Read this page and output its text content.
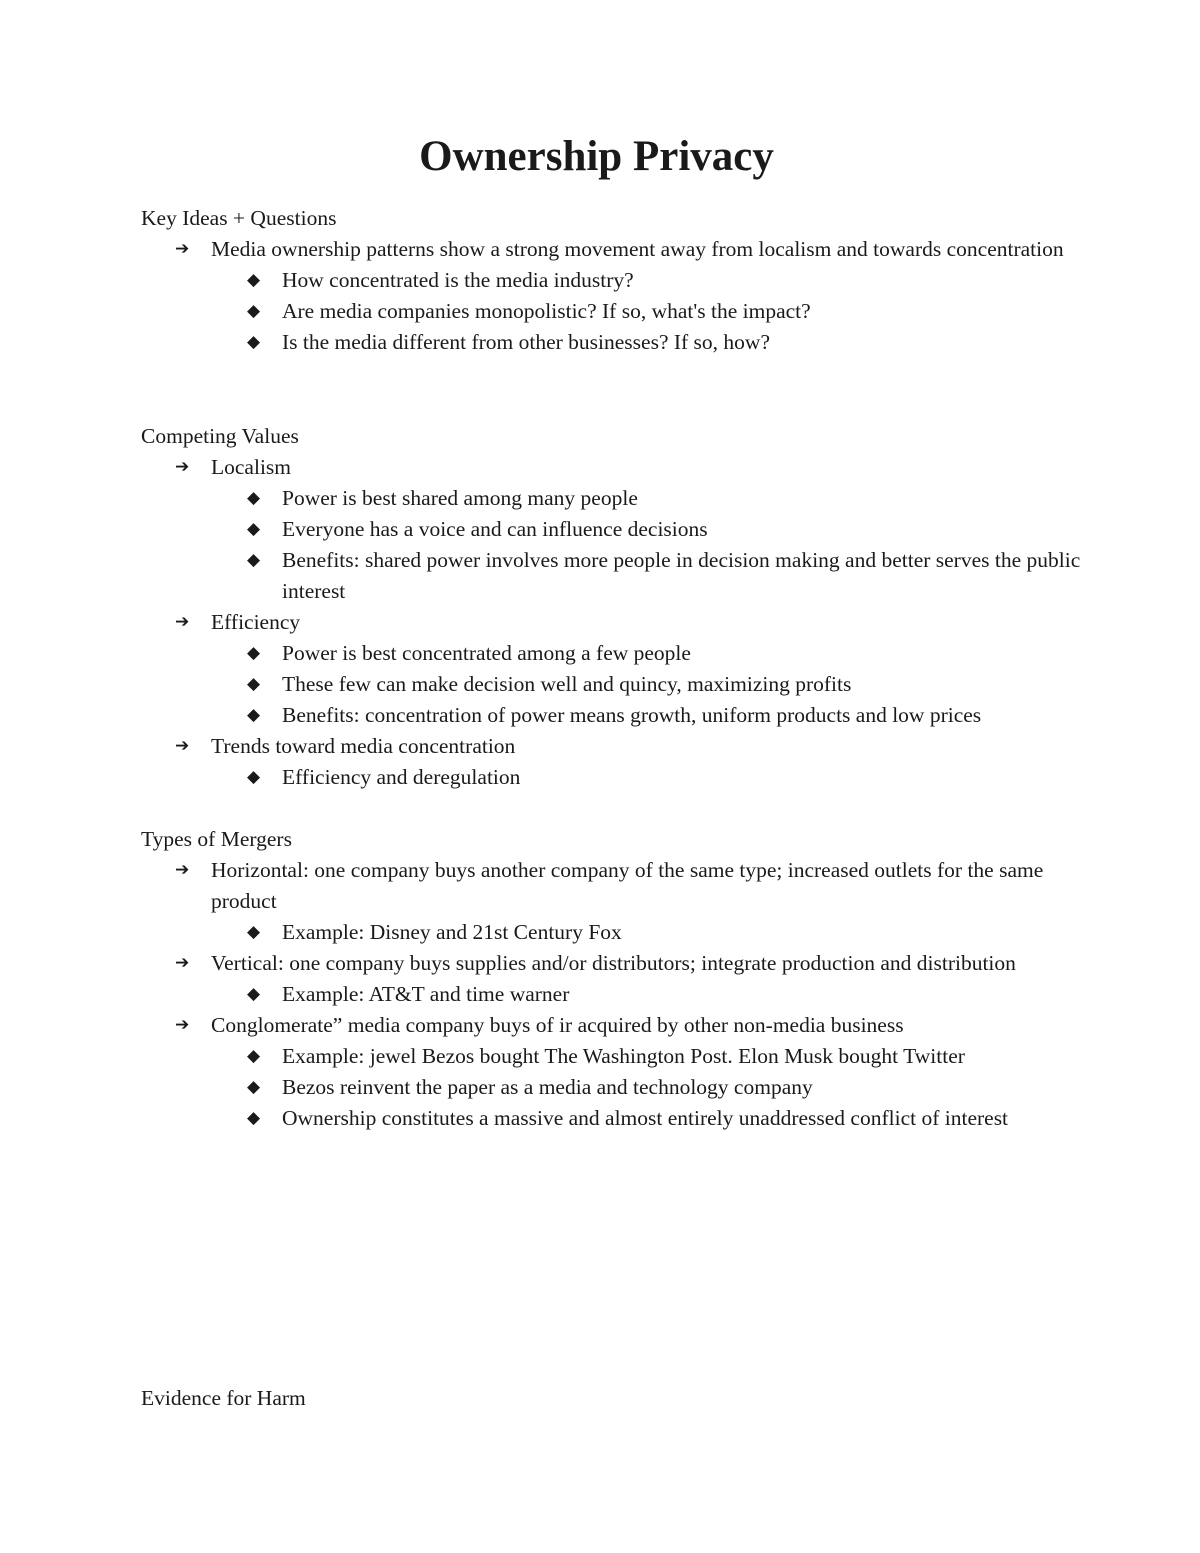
Ownership Privacy
Key Ideas + Questions
➔ Media ownership patterns show a strong movement away from localism and towards concentration
◆ How concentrated is the media industry?
◆ Are media companies monopolistic? If so, what's the impact?
◆ Is the media different from other businesses? If so, how?
Competing Values
➔ Localism
◆ Power is best shared among many people
◆ Everyone has a voice and can influence decisions
◆ Benefits: shared power involves more people in decision making and better serves the public interest
➔ Efficiency
◆ Power is best concentrated among a few people
◆ These few can make decision well and quincy, maximizing profits
◆ Benefits: concentration of power means growth, uniform products and low prices
➔ Trends toward media concentration
◆ Efficiency and deregulation
Types of Mergers
➔ Horizontal: one company buys another company of the same type; increased outlets for the same product
◆ Example: Disney and 21st Century Fox
➔ Vertical: one company buys supplies and/or distributors; integrate production and distribution
◆ Example: AT&T and time warner
➔ Conglomerate” media company buys of ir acquired by other non-media business
◆ Example: jewel Bezos bought The Washington Post. Elon Musk bought Twitter
◆ Bezos reinvent the paper as a media and technology company
◆ Ownership constitutes a massive and almost entirely unaddressed conflict of interest
Evidence for Harm
